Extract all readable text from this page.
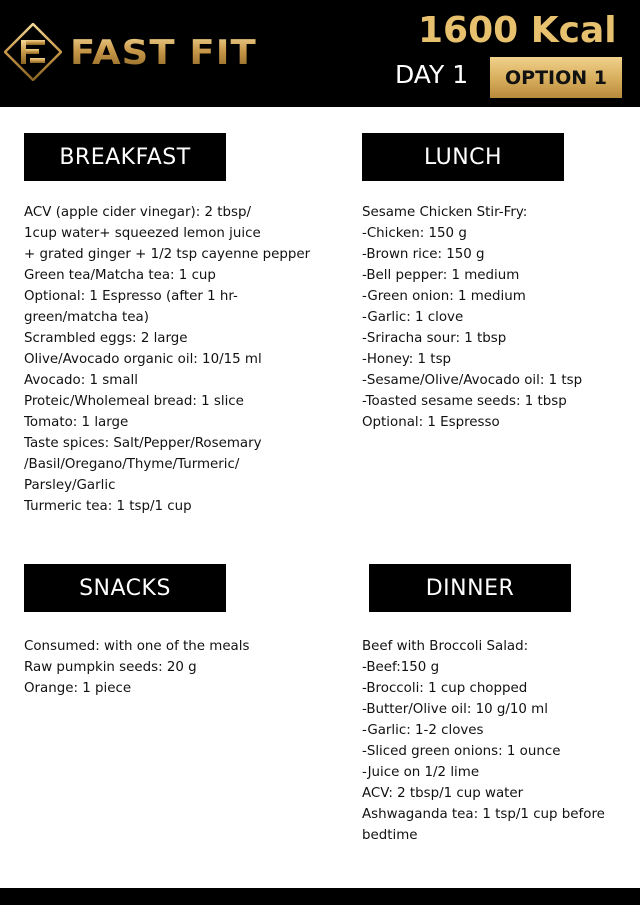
FAST FIT
1600 Kcal
DAY 1	OPTION 1
BREAKFAST
ACV (apple cider vinegar): 2 tbsp/
1cup water+ squeezed lemon juice
+ grated ginger + 1/2 tsp cayenne pepper
Green tea/Matcha tea: 1 cup
Optional: 1 Espresso (after 1 hr-
green/matcha tea)
Scrambled eggs: 2 large
Olive/Avocado organic oil: 10/15 ml
Avocado: 1 small
Proteic/Wholemeal bread: 1 slice
Tomato: 1 large
Taste spices: Salt/Pepper/Rosemary
/Basil/Oregano/Thyme/Turmeric/
Parsley/Garlic
Turmeric tea: 1 tsp/1 cup
LUNCH
Sesame Chicken Stir-Fry:
-Chicken: 150 g
-Brown rice: 150 g
-Bell pepper: 1 medium
-Green onion: 1 medium
-Garlic: 1 clove
-Sriracha sour: 1 tbsp
-Honey: 1 tsp
-Sesame/Olive/Avocado oil: 1 tsp
-Toasted sesame seeds: 1 tbsp
Optional: 1 Espresso
SNACKS
Consumed: with one of the meals
Raw pumpkin seeds: 20 g
Orange: 1 piece
DINNER
Beef with Broccoli Salad:
-Beef:150 g
-Broccoli: 1 cup chopped
-Butter/Olive oil: 10 g/10 ml
-Garlic: 1-2 cloves
-Sliced green onions: 1 ounce
-Juice on 1/2 lime
ACV: 2 tbsp/1 cup water
Ashwaganda tea: 1 tsp/1 cup before
bedtime
